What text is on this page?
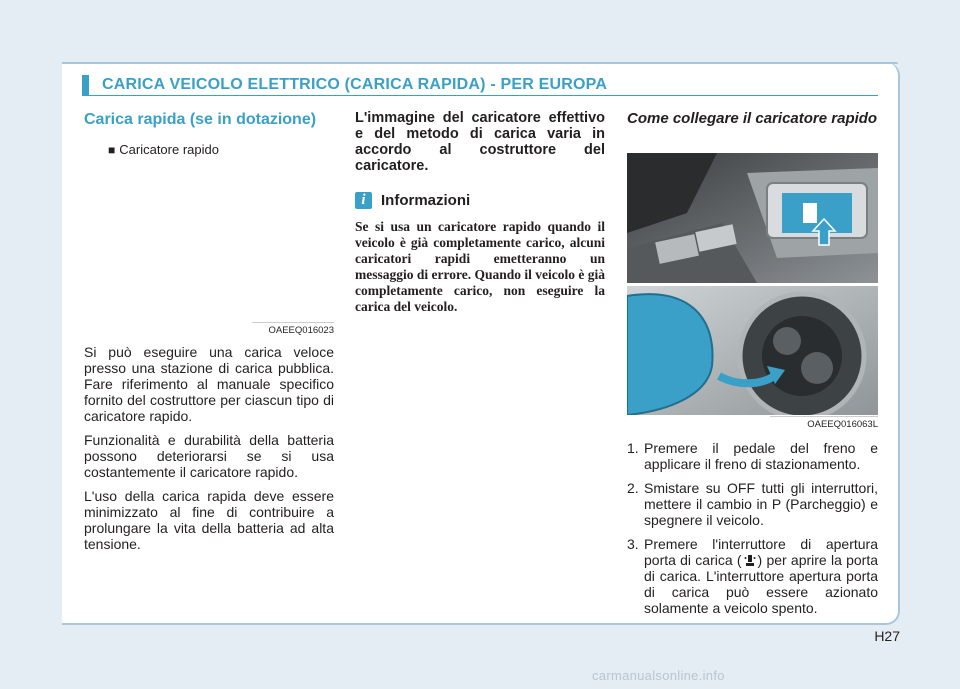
CARICA VEICOLO ELETTRICO (CARICA RAPIDA) - PER EUROPA
Carica rapida (se in dotazione)
■ Caricatore rapido
OAEEQ016023

Si può eseguire una carica veloce presso una stazione di carica pubblica. Fare riferimento al manuale specifico fornito del costruttore per ciascun tipo di caricatore rapido.

Funzionalità e durabilità della batteria possono deteriorarsi se si usa costantemente il caricatore rapido.

L'uso della carica rapida deve essere minimizzato al fine di contribuire a prolungare la vita della batteria ad alta tensione.

L'immagine del caricatore effettivo e del metodo di carica varia in accordo al costruttore del caricatore.

i	Informazioni

Se si usa un caricatore rapido quando il veicolo è già completamente carico, alcuni caricatori rapidi emetteranno un messaggio di errore. Quando il veicolo è già completamente carico, non eseguire la carica del veicolo.

Come collegare il caricatore rapido

OAEEQ016063L
1. Premere il pedale del freno e applicare il freno di stazionamento.
2. Smistare su OFF tutti gli interruttori, mettere il cambio in P (Parcheggio) e spegnere il veicolo.
3. Premere l'interruttore di apertura porta di carica ( ) per aprire la porta di carica. L'interruttore apertura porta di carica può essere azionato solamente a veicolo spento.
H27
carmanualsonline.info
